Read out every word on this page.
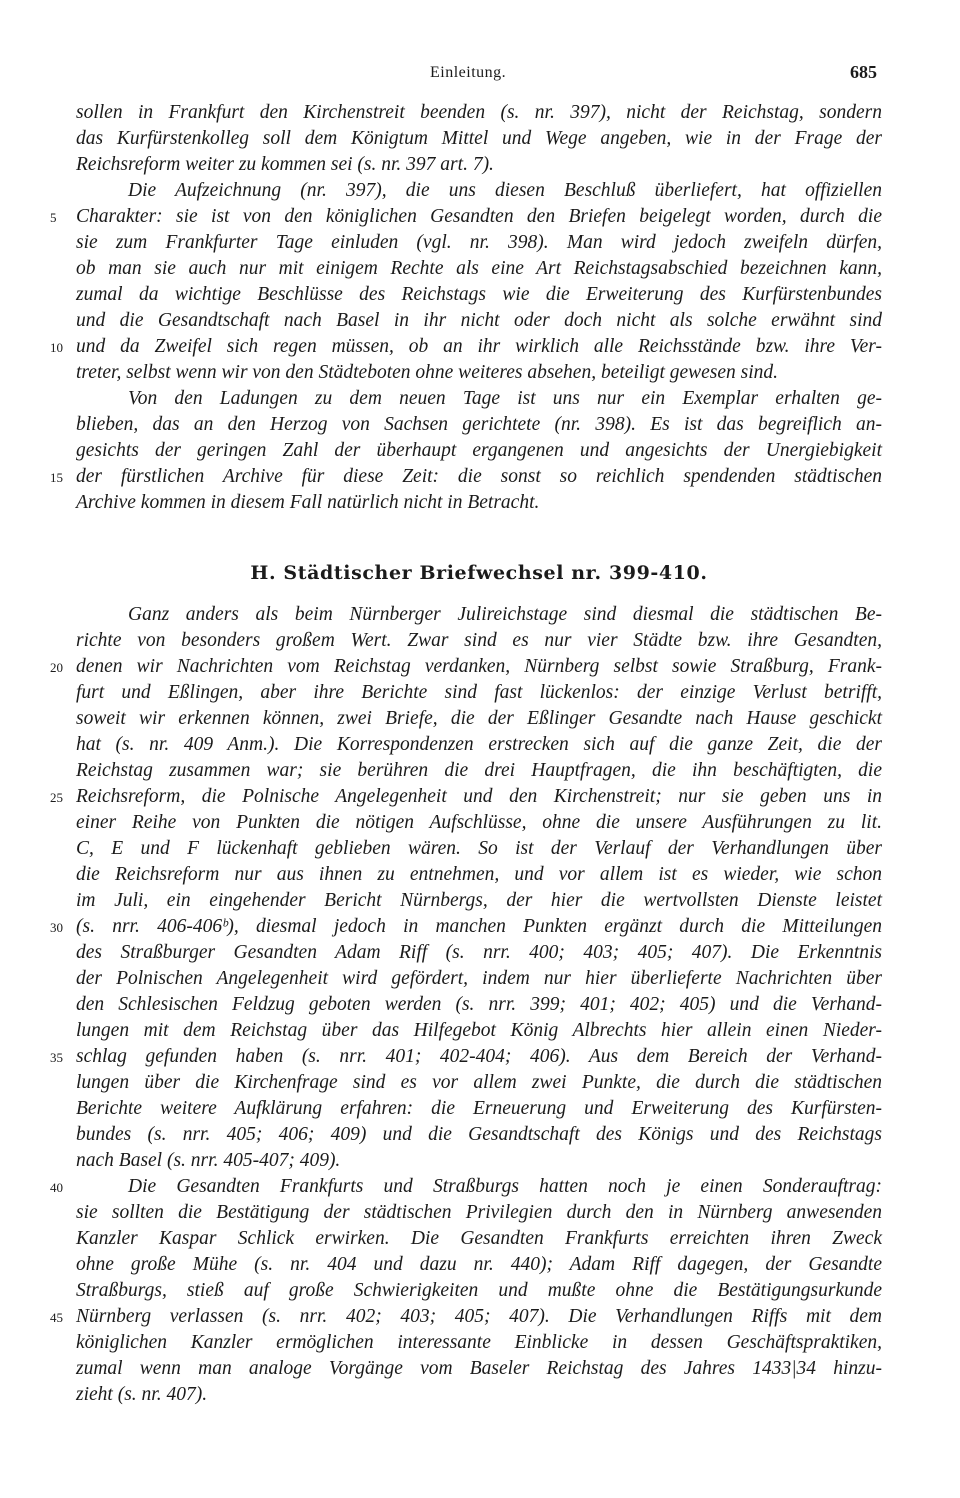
Einleitung.	685
sollen in Frankfurt den Kirchenstreit beenden (s. nr. 397), nicht der Reichstag, sondern
das Kurfürstenkolleg soll dem Königtum Mittel und Wege angeben, wie in der Frage der
Reichsreform weiter zu kommen sei (s. nr. 397 art. 7).
Die Aufzeichnung (nr. 397), die uns diesen Beschluß überliefert, hat offiziellen
Charakter: sie ist von den königlichen Gesandten den Briefen beigelegt worden, durch die
sie zum Frankfurter Tage einluden (vgl. nr. 398). Man wird jedoch zweifeln dürfen,
ob man sie auch nur mit einigem Rechte als eine Art Reichstagsabschied bezeichnen kann,
zumal da wichtige Beschlüsse des Reichstags wie die Erweiterung des Kurfürstenbundes
und die Gesandtschaft nach Basel in ihr nicht oder doch nicht als solche erwähnt sind
und da Zweifel sich regen müssen, ob an ihr wirklich alle Reichsstände bzw. ihre Ver-
treter, selbst wenn wir von den Städteboten ohne weiteres absehen, beteiligt gewesen sind.
Von den Ladungen zu dem neuen Tage ist uns nur ein Exemplar erhalten ge-
blieben, das an den Herzog von Sachsen gerichtete (nr. 398). Es ist das begreiflich an-
gesichts der geringen Zahl der überhaupt ergangenen und angesichts der Unergiebigkeit
der fürstlichen Archive für diese Zeit: die sonst so reichlich spendenden städtischen
Archive kommen in diesem Fall natürlich nicht in Betracht.
5
10
15
H. Städtischer Briefwechsel nr. 399-410.
Ganz anders als beim Nürnberger Julireichstage sind diesmal die städtischen Be-
richte von besonders großem Wert. Zwar sind es nur vier Städte bzw. ihre Gesandten,
denen wir Nachrichten vom Reichstag verdanken, Nürnberg selbst sowie Straßburg, Frank-
furt und Eßlingen, aber ihre Berichte sind fast lückenlos: der einzige Verlust betrifft,
soweit wir erkennen können, zwei Briefe, die der Eßlinger Gesandte nach Hause geschickt
hat (s. nr. 409 Anm.). Die Korrespondenzen erstrecken sich auf die ganze Zeit, die der
Reichstag zusammen war; sie berühren die drei Hauptfragen, die ihn beschäftigten, die
Reichsreform, die Polnische Angelegenheit und den Kirchenstreit; nur sie geben uns in
einer Reihe von Punkten die nötigen Aufschlüsse, ohne die unsere Ausführungen zu lit.
C, E und F lückenhaft geblieben wären. So ist der Verlauf der Verhandlungen über
die Reichsreform nur aus ihnen zu entnehmen, und vor allem ist es wieder, wie schon
im Juli, ein eingehender Bericht Nürnbergs, der hier die wertvollsten Dienste leistet
(s. nrr. 406-406ᵇ), diesmal jedoch in manchen Punkten ergänzt durch die Mitteilungen
des Straßburger Gesandten Adam Riff (s. nrr. 400; 403; 405; 407). Die Erkenntnis
der Polnischen Angelegenheit wird gefördert, indem nur hier überlieferte Nachrichten über
den Schlesischen Feldzug geboten werden (s. nrr. 399; 401; 402; 405) und die Verhand-
lungen mit dem Reichstag über das Hilfegebot König Albrechts hier allein einen Nieder-
schlag gefunden haben (s. nrr. 401; 402-404; 406). Aus dem Bereich der Verhand-
lungen über die Kirchenfrage sind es vor allem zwei Punkte, die durch die städtischen
Berichte weitere Aufklärung erfahren: die Erneuerung und Erweiterung des Kurfürsten-
bundes (s. nrr. 405; 406; 409) und die Gesandtschaft des Königs und des Reichstags
nach Basel (s. nrr. 405-407; 409).
Die Gesandten Frankfurts und Straßburgs hatten noch je einen Sonderauftrag:
sie sollten die Bestätigung der städtischen Privilegien durch den in Nürnberg anwesenden
Kanzler Kaspar Schlick erwirken. Die Gesandten Frankfurts erreichten ihren Zweck
ohne große Mühe (s. nr. 404 und dazu nr. 440); Adam Riff dagegen, der Gesandte
Straßburgs, stieß auf große Schwierigkeiten und mußte ohne die Bestätigungsurkunde
Nürnberg verlassen (s. nrr. 402; 403; 405; 407). Die Verhandlungen Riffs mit dem
königlichen Kanzler ermöglichen interessante Einblicke in dessen Geschäftspraktiken,
zumal wenn man analoge Vorgänge vom Baseler Reichstag des Jahres 1433|34 hinzu-
zieht (s. nr. 407).
20
25
30
35
40
45
